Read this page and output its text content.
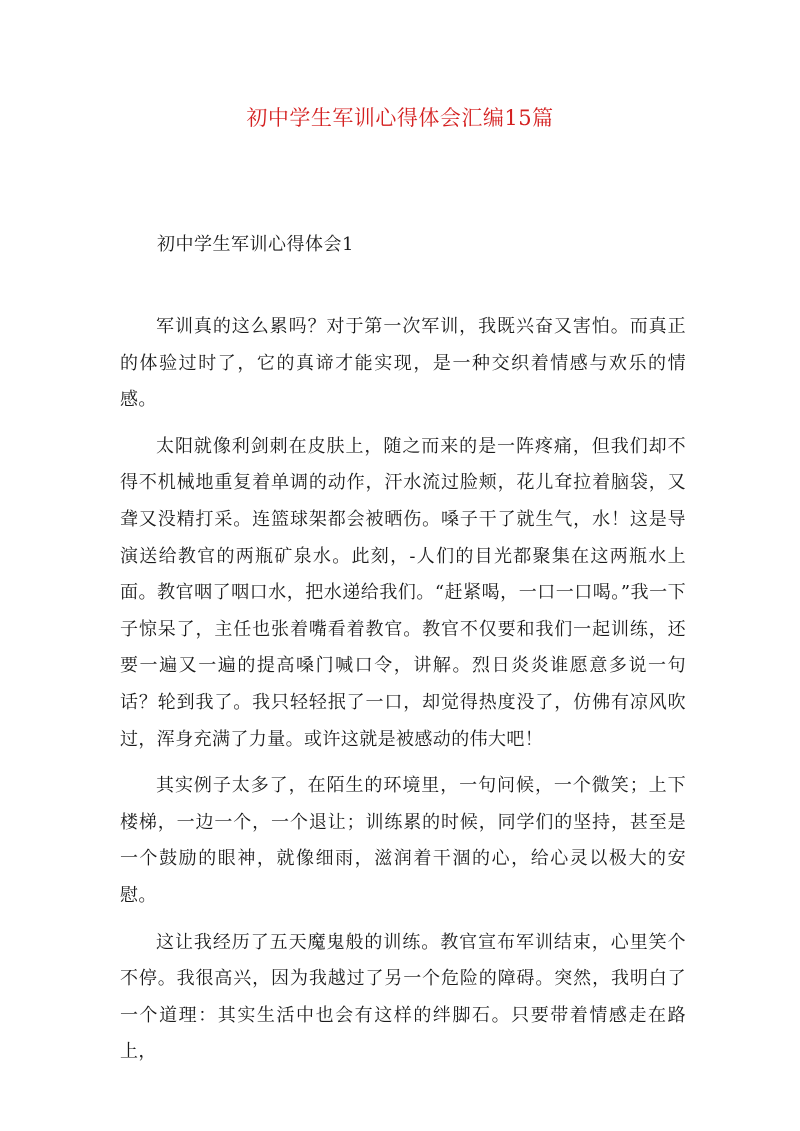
初中学生军训心得体会汇编15篇
初中学生军训心得体会1

军训真的这么累吗？对于第一次军训，我既兴奋又害怕。而真正的体验过时了，它的真谛才能实现，是一种交织着情感与欢乐的情感。

太阳就像利剑刺在皮肤上，随之而来的是一阵疼痛，但我们却不得不机械地重复着单调的动作，汗水流过脸颊，花儿耷拉着脑袋，又聋又没精打采。连篮球架都会被晒伤。嗓子干了就生气，水！这是导演送给教官的两瓶矿泉水。此刻，-人们的目光都聚集在这两瓶水上面。教官咽了咽口水，把水递给我们。“赶紧喝，一口一口喝。”我一下子惊呆了，主任也张着嘴看着教官。教官不仅要和我们一起训练，还要一遍又一遍的提高嗓门喊口令，讲解。烈日炎炎谁愿意多说一句话？轮到我了。我只轻轻抿了一口，却觉得热度没了，仿佛有凉风吹过，浑身充满了力量。或许这就是被感动的伟大吧！

其实例子太多了，在陌生的环境里，一句问候，一个微笑；上下楼梯，一边一个，一个退让；训练累的时候，同学们的坚持，甚至是一个鼓励的眼神，就像细雨，滋润着干涸的心，给心灵以极大的安慰。

这让我经历了五天魔鬼般的训练。教官宣布军训结束，心里笑个不停。我很高兴，因为我越过了另一个危险的障碍。突然，我明白了一个道理：其实生活中也会有这样的绊脚石。只要带着情感走在路上，
